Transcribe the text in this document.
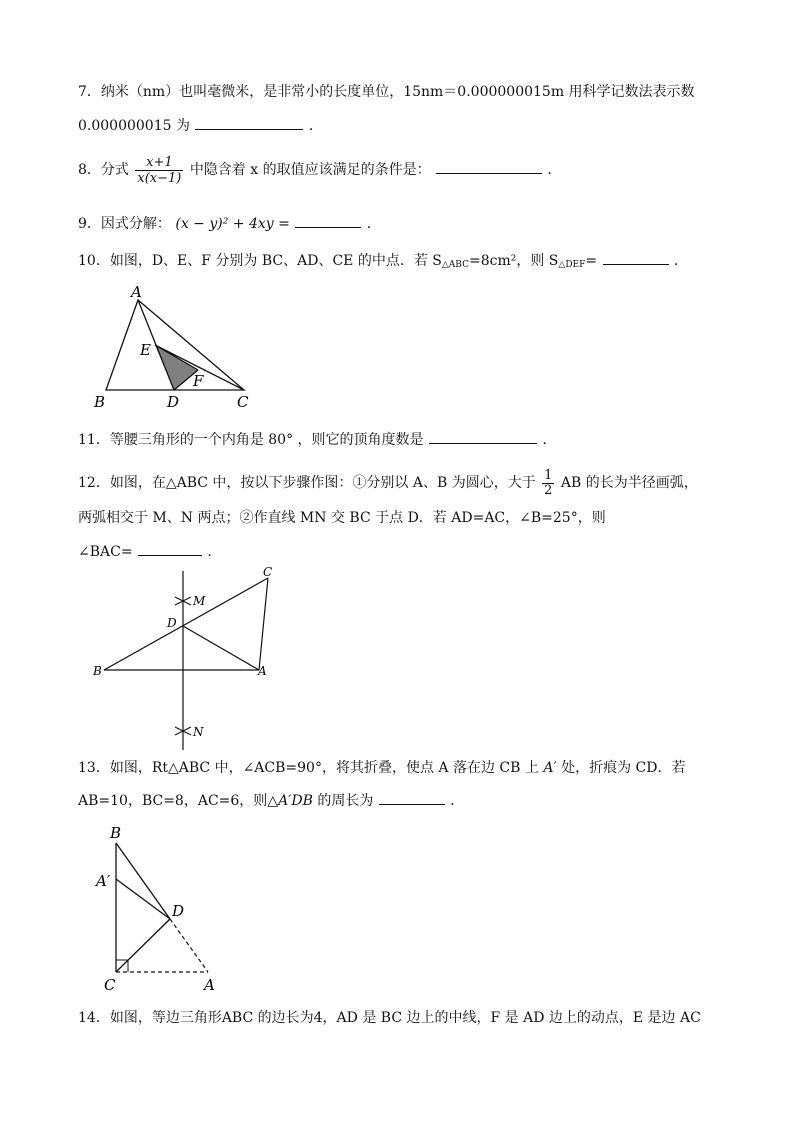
7．纳米（nm）也叫毫微米，是非常小的长度单位，15nm＝0.000000015m 用科学记数法表示数
0.000000015 为	．
8．分式 $\frac{x+1}{x(x-1)}$ 中隐含着 x 的取值应该满足的条件是：	．
9．因式分解： (x − y)² + 4xy =	．
10．如图，D、E、F 分别为 BC、AD、CE 的中点．若 $S_{\triangle ABC}=8cm^2$，则 $S_{\triangle DEF}=$	．
A
B	C
D
E
F
11．等腰三角形的一个内角是 80° ，则它的顶角度数是	．
12．如图，在△ABC 中，按以下步骤作图：①分别以 A、B 为圆心，大于 $\frac{1}{2}$ AB 的长为半径画弧，
两弧相交于 M、N 两点；②作直线 MN 交 BC 于点 D．若 AD=AC，∠B=25°，则
∠BAC=	．
C
M
D
B	A
N
13．如图，Rt△ABC 中，∠ACB=90°，将其折叠，使点 A 落在边 CB 上 A′ 处，折痕为 CD．若
AB=10，BC=8，AC=6，则△A′DB 的周长为	．
B
A′
D
C	A
14．如图，等边三角形ABC 的边长为4，AD 是 BC 边上的中线，F 是 AD 边上的动点，E 是边 AC
